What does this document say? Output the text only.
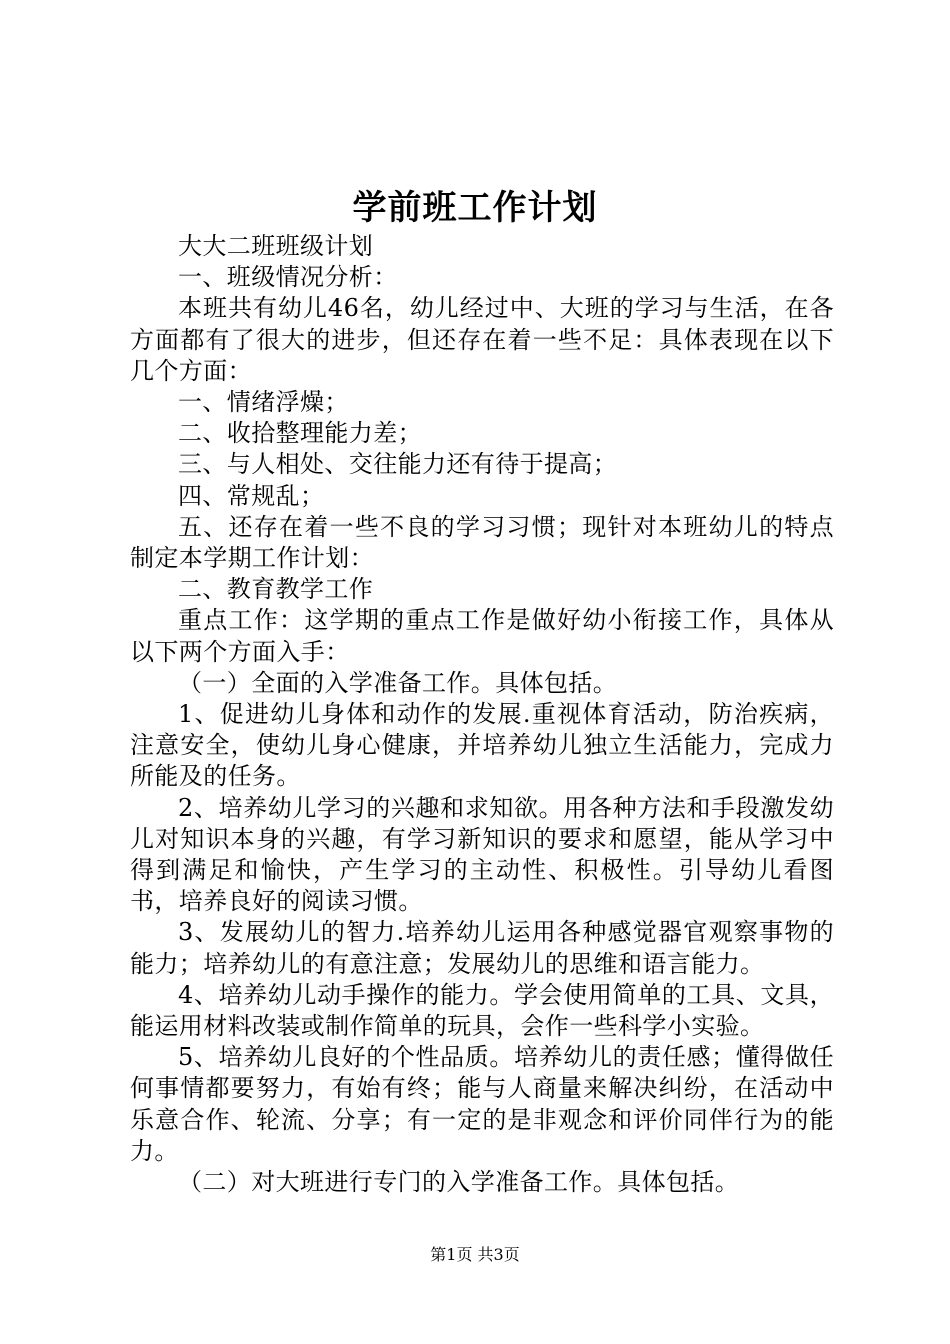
学前班工作计划

大大二班班级计划

一、班级情况分析：

本班共有幼儿46名，幼儿经过中、大班的学习与生活，在各方面都有了很大的进步，但还存在着一些不足：具体表现在以下几个方面：

一、情绪浮燥；

二、收拾整理能力差；

三、与人相处、交往能力还有待于提高；

四、常规乱；

五、还存在着一些不良的学习习惯；现针对本班幼儿的特点制定本学期工作计划：

二、教育教学工作

重点工作：这学期的重点工作是做好幼小衔接工作，具体从以下两个方面入手：

（一）全面的入学准备工作。具体包括。

1、促进幼儿身体和动作的发展.重视体育活动，防治疾病，注意安全，使幼儿身心健康，并培养幼儿独立生活能力，完成力所能及的任务。

2、培养幼儿学习的兴趣和求知欲。用各种方法和手段激发幼儿对知识本身的兴趣，有学习新知识的要求和愿望，能从学习中得到满足和愉快，产生学习的主动性、积极性。引导幼儿看图书，培养良好的阅读习惯。

3、发展幼儿的智力.培养幼儿运用各种感觉器官观察事物的能力；培养幼儿的有意注意；发展幼儿的思维和语言能力。

4、培养幼儿动手操作的能力。学会使用简单的工具、文具，能运用材料改装或制作简单的玩具，会作一些科学小实验。

5、培养幼儿良好的个性品质。培养幼儿的责任感；懂得做任何事情都要努力，有始有终；能与人商量来解决纠纷，在活动中乐意合作、轮流、分享；有一定的是非观念和评价同伴行为的能力。

（二）对大班进行专门的入学准备工作。具体包括。

第1页 共3页
